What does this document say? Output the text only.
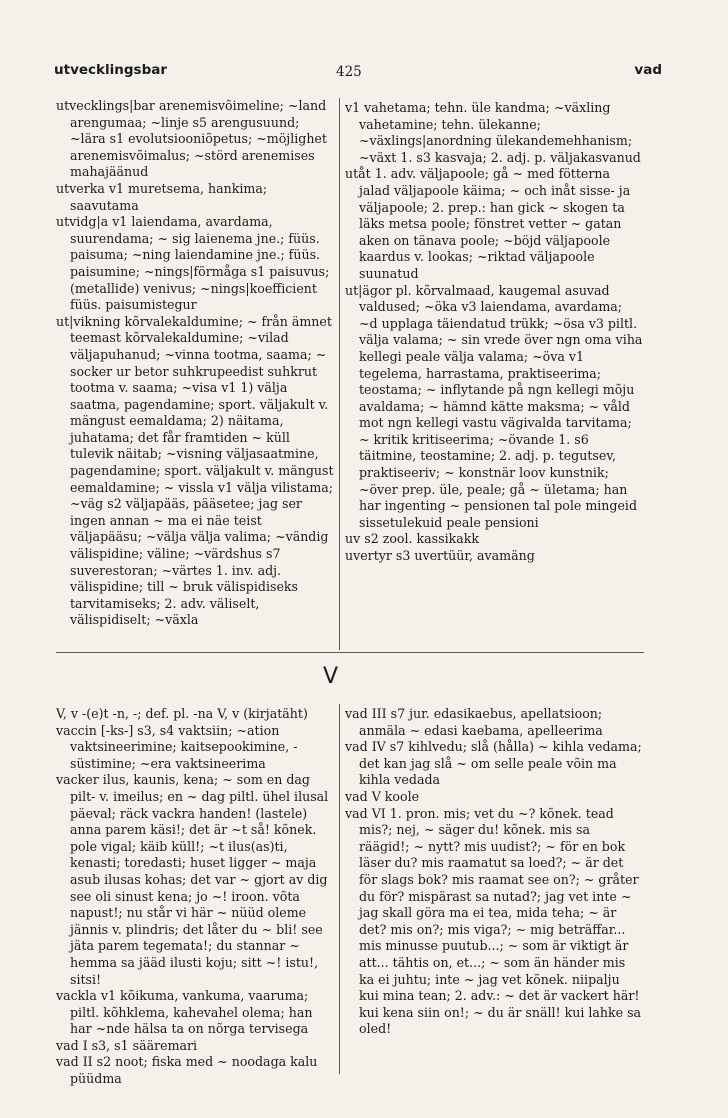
utvecklingsbar	425	vad

utvecklings|bar arenemisvõimeline; ~land arengumaa; ~linje s5 arengusuund; ~lära s1 evolutsiooniõpetus; ~möjlighet arenemisvõimalus; ~störd arenemises mahajäänud

utverka v1 muretsema, hankima; saavutama

utvidg|a v1 laiendama, avardama, suurendama; ~ sig laienema jne.; füüs. paisuma; ~ning laiendamine jne.; füüs. paisumine; ~nings|förmåga s1 paisuvus; (metallide) venivus; ~nings|koefficient füüs. paisumistegur

ut|vikning kõrvalekaldumine; ~ från ämnet teemast kõrvalekaldumine; ~vilad väljapuhanud; ~vinna tootma, saama; ~ socker ur betor suhkrupeedist suhkrut tootma v. saama; ~visa v1 1) välja saatma, pagendamine; sport. väljakult v. mängust eemaldama; 2) näitama, juhatama; det får framtiden ~ küll tulevik näitab; ~visning väljasaatmine, pagendamine; sport. väljakult v. mängust eemaldamine; ~ vissla v1 välja vilistama; ~väg s2 väljapääs, pääsetee; jag ser ingen annan ~ ma ei näe teist väljapääsu; ~välja välja valima; ~vändig välispidine; väline; ~värdshus s7 suverestoran; ~värtes 1. inv. adj. välispidine; till ~ bruk välispidiseks tarvitamiseks; 2. adv. väliselt, välispidiselt; ~växla

v1 vahetama; tehn. üle kandma; ~växling vahetamine; tehn. ülekanne; ~växlings|anordning ülekandemehhanism; ~växt 1. s3 kasvaja; 2. adj. p. väljakasvanud

utåt 1. adv. väljapoole; gå ~ med fötterna jalad väljapoole käima; ~ och inåt sisse- ja väljapoole; 2. prep.: han gick ~ skogen ta läks metsa poole; fönstret vetter ~ gatan aken on tänava poole; ~böjd väljapoole kaardus v. lookas; ~riktad väljapoole suunatud

ut|ägor pl. kõrvalmaad, kaugemal asuvad valdused; ~öka v3 laiendama, avardama; ~d upplaga täiendatud trükk; ~ösa v3 piltl. välja valama; ~ sin vrede över ngn oma viha kellegi peale välja valama; ~öva v1 tegelema, harrastama, praktiseerima; teostama; ~ inflytande på ngn kellegi mõju avaldama; ~ hämnd kätte maksma; ~ våld mot ngn kellegi vastu vägivalda tarvitama; ~ kritik kritiseerima; ~övande 1. s6 täitmine, teostamine; 2. adj. p. tegutsev, praktiseeriv; ~ konstnär loov kunstnik; ~över prep. üle, peale; gå ~ ületama; han har ingenting ~ pensionen tal pole mingeid sissetulekuid peale pensioni

uv s2 zool. kassikakk

uvertyr s3 uvertüür, avamäng

V

V, v -(e)t -n, -; def. pl. -na V, v (kirjatäht)

vaccin [-ks-] s3, s4 vaktsiin; ~ation vaktsineerimine; kaitsepookimine, -süstimine; ~era vaktsineerima

vacker ilus, kaunis, kena; ~ som en dag pilt- v. imeilus; en ~ dag piltl. ühel ilusal päeval; räck vackra handen! (lastele) anna parem käsi!; det är ~t så! kõnek. pole vigal; käib küll!; ~t ilus(as)ti, kenasti; toredasti; huset ligger ~ maja asub ilusas kohas; det var ~ gjort av dig see oli sinust kena; jo ~! iroon. võta napust!; nu står vi här ~ nüüd oleme jännis v. plindris; det låter du ~ bli! see jäta parem tegemata!; du stannar ~ hemma sa jääd ilusti koju; sitt ~! istu!, sitsi!

vackla v1 kõikuma, vankuma, vaaruma; piltl. kõhklema, kahevahel olema; han har ~nde hälsa ta on nõrga tervisega

vad I s3, s1 sääremari

vad II s2 noot; fiska med ~ noodaga kalu püüdma

vad III s7 jur. edasikaebus, apellatsioon; anmäla ~ edasi kaebama, apelleerima

vad IV s7 kihlvedu; slå (hålla) ~ kihla vedama; det kan jag slå ~ om selle peale võin ma kihla vedada

vad V koole

vad VI 1. pron. mis; vet du ~? kõnek. tead mis?; nej, ~ säger du! kõnek. mis sa räägid!; ~ nytt? mis uudist?; ~ för en bok läser du? mis raamatut sa loed?; ~ är det för slags bok? mis raamat see on?; ~ gråter du för? mispärast sa nutad?; jag vet inte ~ jag skall göra ma ei tea, mida teha; ~ är det? mis on?; mis viga?; ~ mig beträffar... mis minusse puutub...; ~ som är viktigt är att... tähtis on, et...; ~ som än händer mis ka ei juhtu; inte ~ jag vet kõnek. niipalju kui mina tean; 2. adv.: ~ det är vackert här! kui kena siin on!; ~ du är snäll! kui lahke sa oled!
